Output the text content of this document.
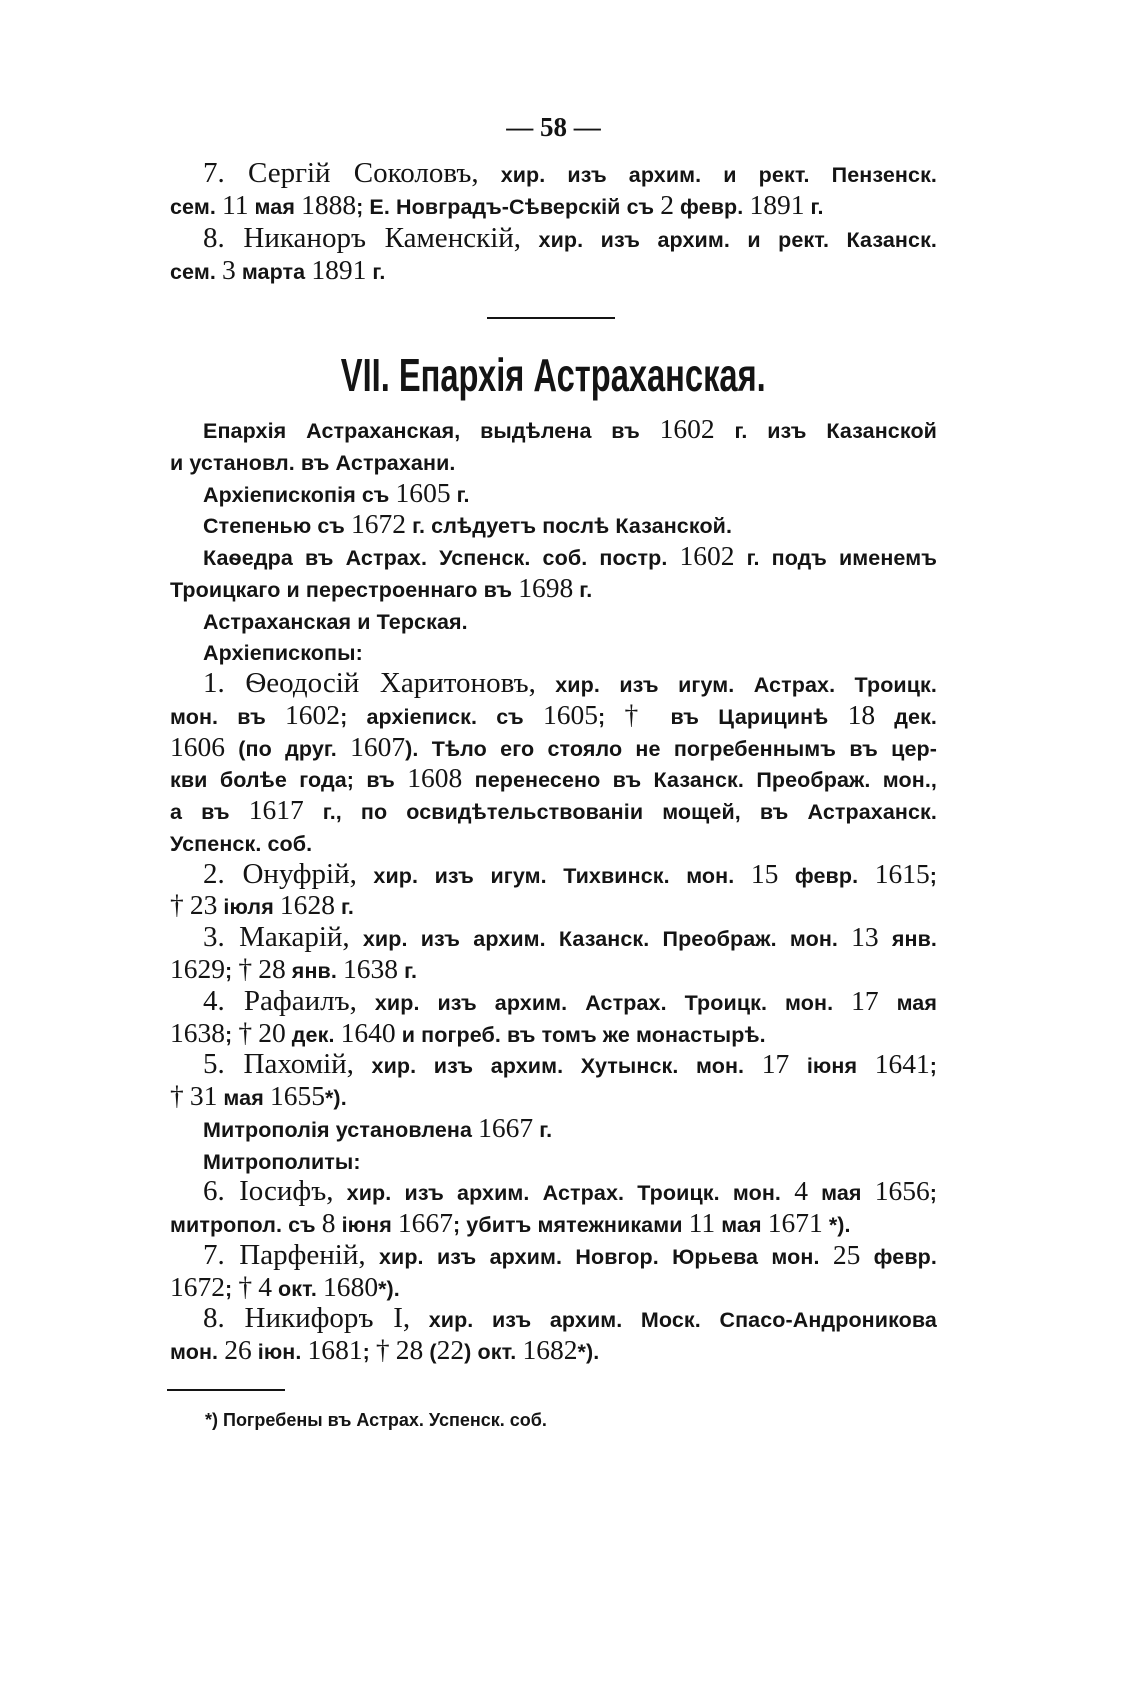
— 58 —
7. Сергій Соколовъ, хир. изъ архим. и рект. Пензенск.
сем. 11 мая 1888; Е. Новградъ-Сѣверскій съ 2 февр. 1891 г.
8. Никаноръ Каменскій, хир. изъ архим. и рект. Казанск.
сем. 3 марта 1891 г.
VII. Епархія Астраханская.
Епархія Астраханская, выдѣлена въ 1602 г. изъ Казанской
и установл. въ Астрахани.
Архіепископія съ 1605 г.
Степенью съ 1672 г. слѣдуетъ послѣ Казанской.
Каѳедра въ Астрах. Успенск. соб. постр. 1602 г. подъ именемъ
Троицкаго и перестроеннаго въ 1698 г.
Астраханская и Терская.
Архіепископы:
1. Ѳеодосій Харитоновъ, хир. изъ игум. Астрах. Троицк.
мон. въ 1602; архіеписк. съ 1605; † въ Царицинѣ 18 дек.
1606 (по друг. 1607). Тѣло его стояло не погребеннымъ въ цер-
кви болѣе года; въ 1608 перенесено въ Казанск. Преображ. мон.,
а въ 1617 г., по освидѣтельствованіи мощей, въ Астраханск.
Успенск. соб.
2. Онуфрій, хир. изъ игум. Тихвинск. мон. 15 февр. 1615;
† 23 іюля 1628 г.
3. Макарій, хир. изъ архим. Казанск. Преображ. мон. 13 янв.
1629; † 28 янв. 1638 г.
4. Рафаилъ, хир. изъ архим. Астрах. Троицк. мон. 17 мая
1638; † 20 дек. 1640 и погреб. въ томъ же монастырѣ.
5. Пахомій, хир. изъ архим. Хутынск. мон. 17 іюня 1641;
† 31 мая 1655*).
Митрополія установлена 1667 г.
Митрополиты:
6. Іосифъ, хир. изъ архим. Астрах. Троицк. мон. 4 мая 1656;
митропол. съ 8 іюня 1667; убитъ мятежниками 11 мая 1671 *).
7. Парфеній, хир. изъ архим. Новгор. Юрьева мон. 25 февр.
1672; † 4 окт. 1680*).
8. Никифоръ I, хир. изъ архим. Моск. Спасо-Андроникова
мон. 26 іюн. 1681; † 28 (22) окт. 1682*).
*) Погребены въ Астрах. Успенск. соб.
